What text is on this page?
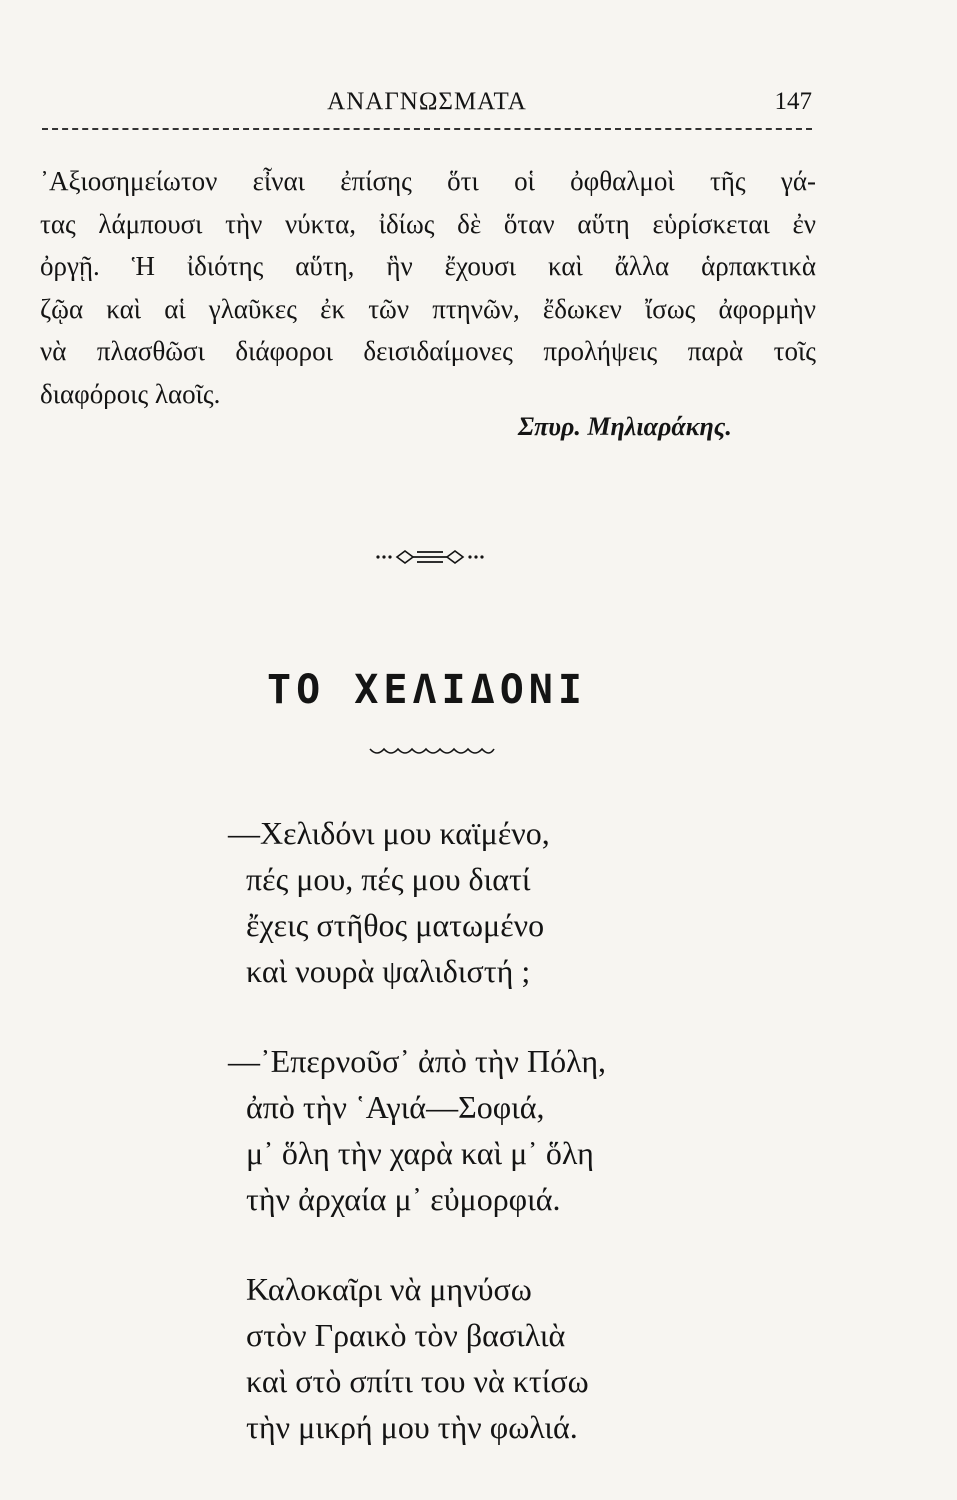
ΑΝΑΓΝΩΣΜΑΤΑ	147
᾿Αξιοσημείωτον εἶναι ἐπίσης ὅτι οἱ ὀφθαλμοὶ τῆς γά-
τας λάμπουσι τὴν νύκτα, ἰδίως δὲ ὅταν αὕτη εὑρίσκεται ἐν
ὀργῇ. Ἡ ἰδιότης αὕτη, ἣν ἔχουσι καὶ ἄλλα ἁρπακτικὰ
ζῷα καὶ αἱ γλαῦκες ἐκ τῶν πτηνῶν, ἔδωκεν ἴσως ἀφορμὴν
νὰ πλασθῶσι διάφοροι δεισιδαίμονες προλήψεις παρὰ τοῖς
διαφόροις λαοῖς.
Σπυρ. Μηλιαράκης.
ΤΟ ΧΕΛΙΔΟΝΙ
—Χελιδόνι μου καϊμένο,
πές μου, πές μου διατί
ἔχεις στῆθος ματωμένο
καὶ νουρὰ ψαλιδιστή ;
—᾿Επερνοῦσ᾿ ἀπὸ τὴν Πόλη,
ἀπὸ τὴν ῾Αγιά—Σοφιά,
μ᾿ ὅλη τὴν χαρὰ καὶ μ᾿ ὅλη
τὴν ἀρχαία μ᾿ εὐμορφιά.
Καλοκαῖρι νὰ μηνύσω
στὸν Γραικὸ τὸν βασιλιὰ
καὶ στὸ σπίτι του νὰ κτίσω
τὴν μικρή μου τὴν φωλιά.
